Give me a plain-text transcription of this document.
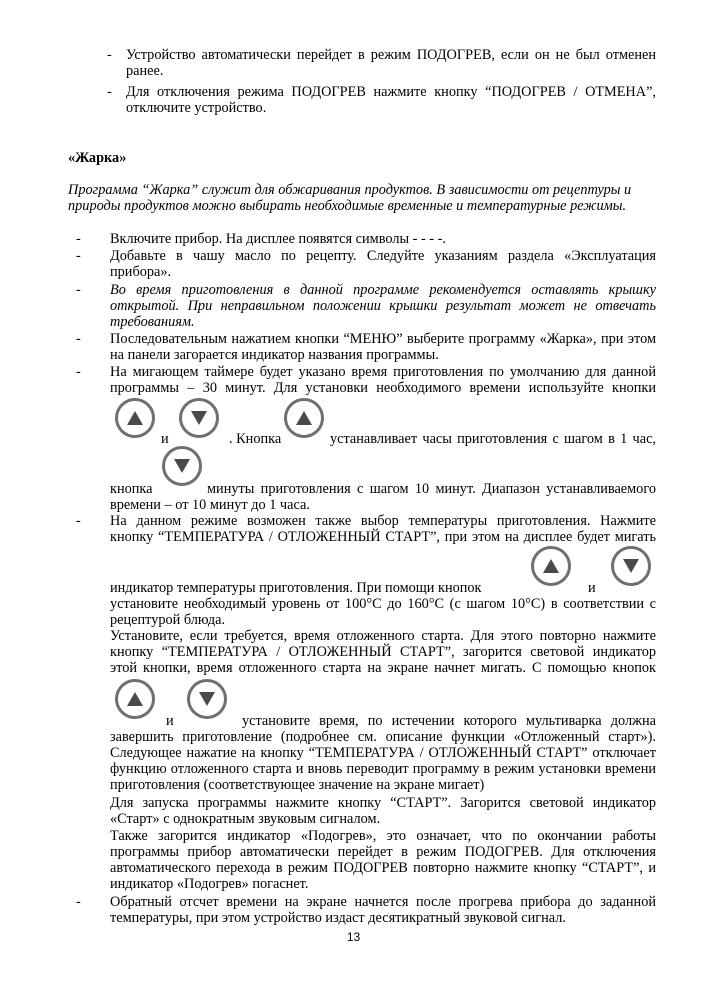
- Устройство автоматически перейдет в режим ПОДОГРЕВ, если он не был отменен
ранее.
- Для отключения режима ПОДОГРЕВ нажмите кнопку “ПОДОГРЕВ / ОТМЕНА”,
отключите устройство.
«Жарка»
Программа “Жарка” служит для обжаривания продуктов. В зависимости от рецептуры и
природы продуктов можно выбирать необходимые временные и температурные режимы.
- Включите прибор. На дисплее появятся символы - - - -.
- Добавьте в чашу масло по рецепту. Следуйте указаниям раздела «Эксплуатация
прибора».
- Во время приготовления в данной программе рекомендуется оставлять крышку
открытой. При неправильном положении крышки результат может не отвечать
требованиям.
- Последовательным нажатием кнопки “МЕНЮ” выберите программу «Жарка», при этом
на панели загорается индикатор названия программы.
- На мигающем таймере будет указано время приготовления по умолчанию для данной
программы – 30 минут. Для установки необходимого времени используйте кнопки
и	. Кнопка	устанавливает часы приготовления с шагом в 1 час,
кнопка	минуты приготовления с шагом 10 минут. Диапазон устанавливаемого
времени – от 10 минут до 1 часа.
- На данном режиме возможен также выбор температуры приготовления. Нажмите
кнопку “ТЕМПЕРАТУРА / ОТЛОЖЕННЫЙ СТАРТ”, при этом на дисплее будет мигать
индикатор температуры приготовления. При помощи кнопок	и
установите необходимый уровень от 100°С до 160°С (с шагом 10°С) в соответствии с
рецептурой блюда.
Установите, если требуется, время отложенного старта. Для этого повторно нажмите
кнопку “ТЕМПЕРАТУРА / ОТЛОЖЕННЫЙ СТАРТ”, загорится световой индикатор
этой кнопки, время отложенного старта на экране начнет мигать. С помощью кнопок
и	установите время, по истечении которого мультиварка должна
завершить приготовление (подробнее см. описание функции «Отложенный старт»).
Следующее нажатие на кнопку “ТЕМПЕРАТУРА / ОТЛОЖЕННЫЙ СТАРТ” отключает
функцию отложенного старта и вновь переводит программу в режим установки времени
приготовления (соответствующее значение на экране мигает)
Для запуска программы нажмите кнопку “СТАРТ”. Загорится световой индикатор
«Старт» с однократным звуковым сигналом.
Также загорится индикатор «Подогрев», это означает, что по окончании работы
программы прибор автоматически перейдет в режим ПОДОГРЕВ. Для отключения
автоматического перехода в режим ПОДОГРЕВ повторно нажмите кнопку “СТАРТ”, и
индикатор «Подогрев» погаснет.
- Обратный отсчет времени на экране начнется после прогрева прибора до заданной
температуры, при этом устройство издаст десятикратный звуковой сигнал.
13
